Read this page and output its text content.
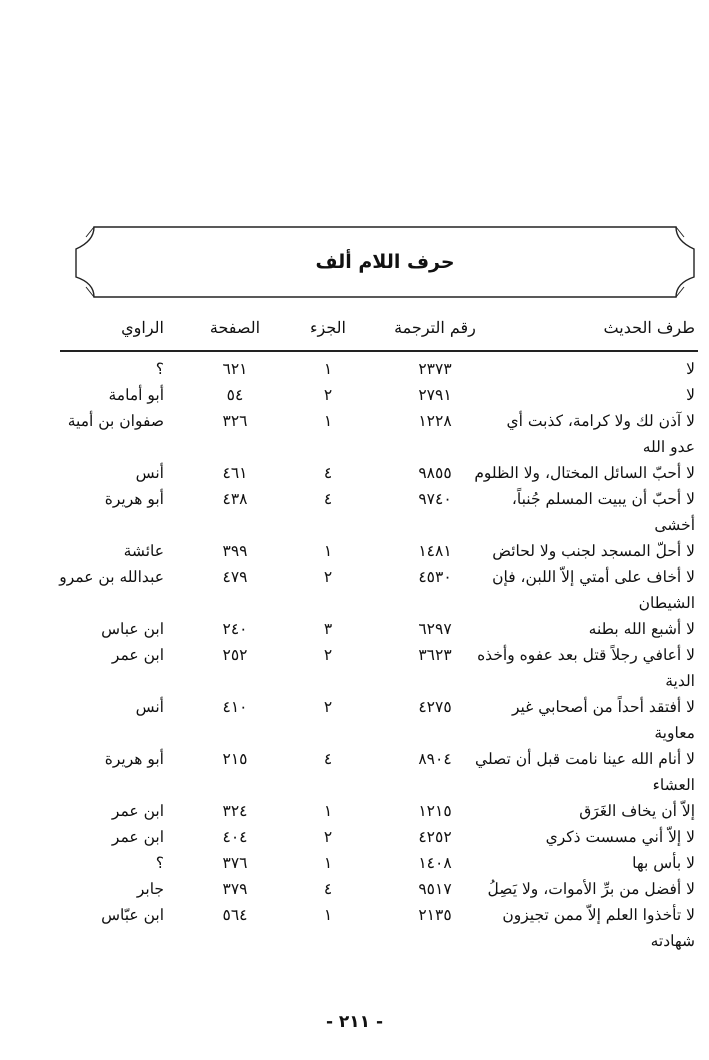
حرف اللام ألف
طرف الحديث
رقم الترجمة
الجزء
الصفحة
الراوي
لا
٢٣٧٣
١
٦٢١
؟
لا
٢٧٩١
٢
٥٤
أبو أمامة
لا آذن لك ولا كرامة، كذبت أي
١٢٢٨
١
٣٢٦
صفوان بن أمية
عدو الله
لا أحبّ السائل المختال، ولا الظلوم
٩٨٥٥
٤
٤٦١
أنس
لا أحبّ أن يبيت المسلم جُنباً،
٩٧٤٠
٤
٤٣٨
أبو هريرة
أخشى
لا أحلّ المسجد لجنب ولا لحائض
١٤٨١
١
٣٩٩
عائشة
لا أخاف على أمتي إلاّ اللبن، فإن
٤٥٣٠
٢
٤٧٩
عبدالله بن عمرو
الشيطان
لا أشبع الله بطنه
٦٢٩٧
٣
٢٤٠
ابن عباس
لا أعافي رجلاً قتل بعد عفوه وأخذه
٣٦٢٣
٢
٢٥٢
ابن عمر
الدية
لا أفتقد أحداً من أصحابي غير
٤٢٧٥
٢
٤١٠
أنس
معاوية
لا أنام الله عينا نامت قبل أن تصلي
٨٩٠٤
٤
٢١٥
أبو هريرة
العشاء
إلاّ أن يخاف الغَرَق
١٢١٥
١
٣٢٤
ابن عمر
لا إلاّ أني مسست ذكري
٤٢٥٢
٢
٤٠٤
ابن عمر
لا بأس بها
١٤٠٨
١
٣٧٦
؟
لا أفضل من برِّ الأموات، ولا يَصِلُ
٩٥١٧
٤
٣٧٩
جابر
لا تأخذوا العلم إلاّ ممن تجيزون
٢١٣٥
١
٥٦٤
ابن عبّاس
شهادته
- ٢١١ -
